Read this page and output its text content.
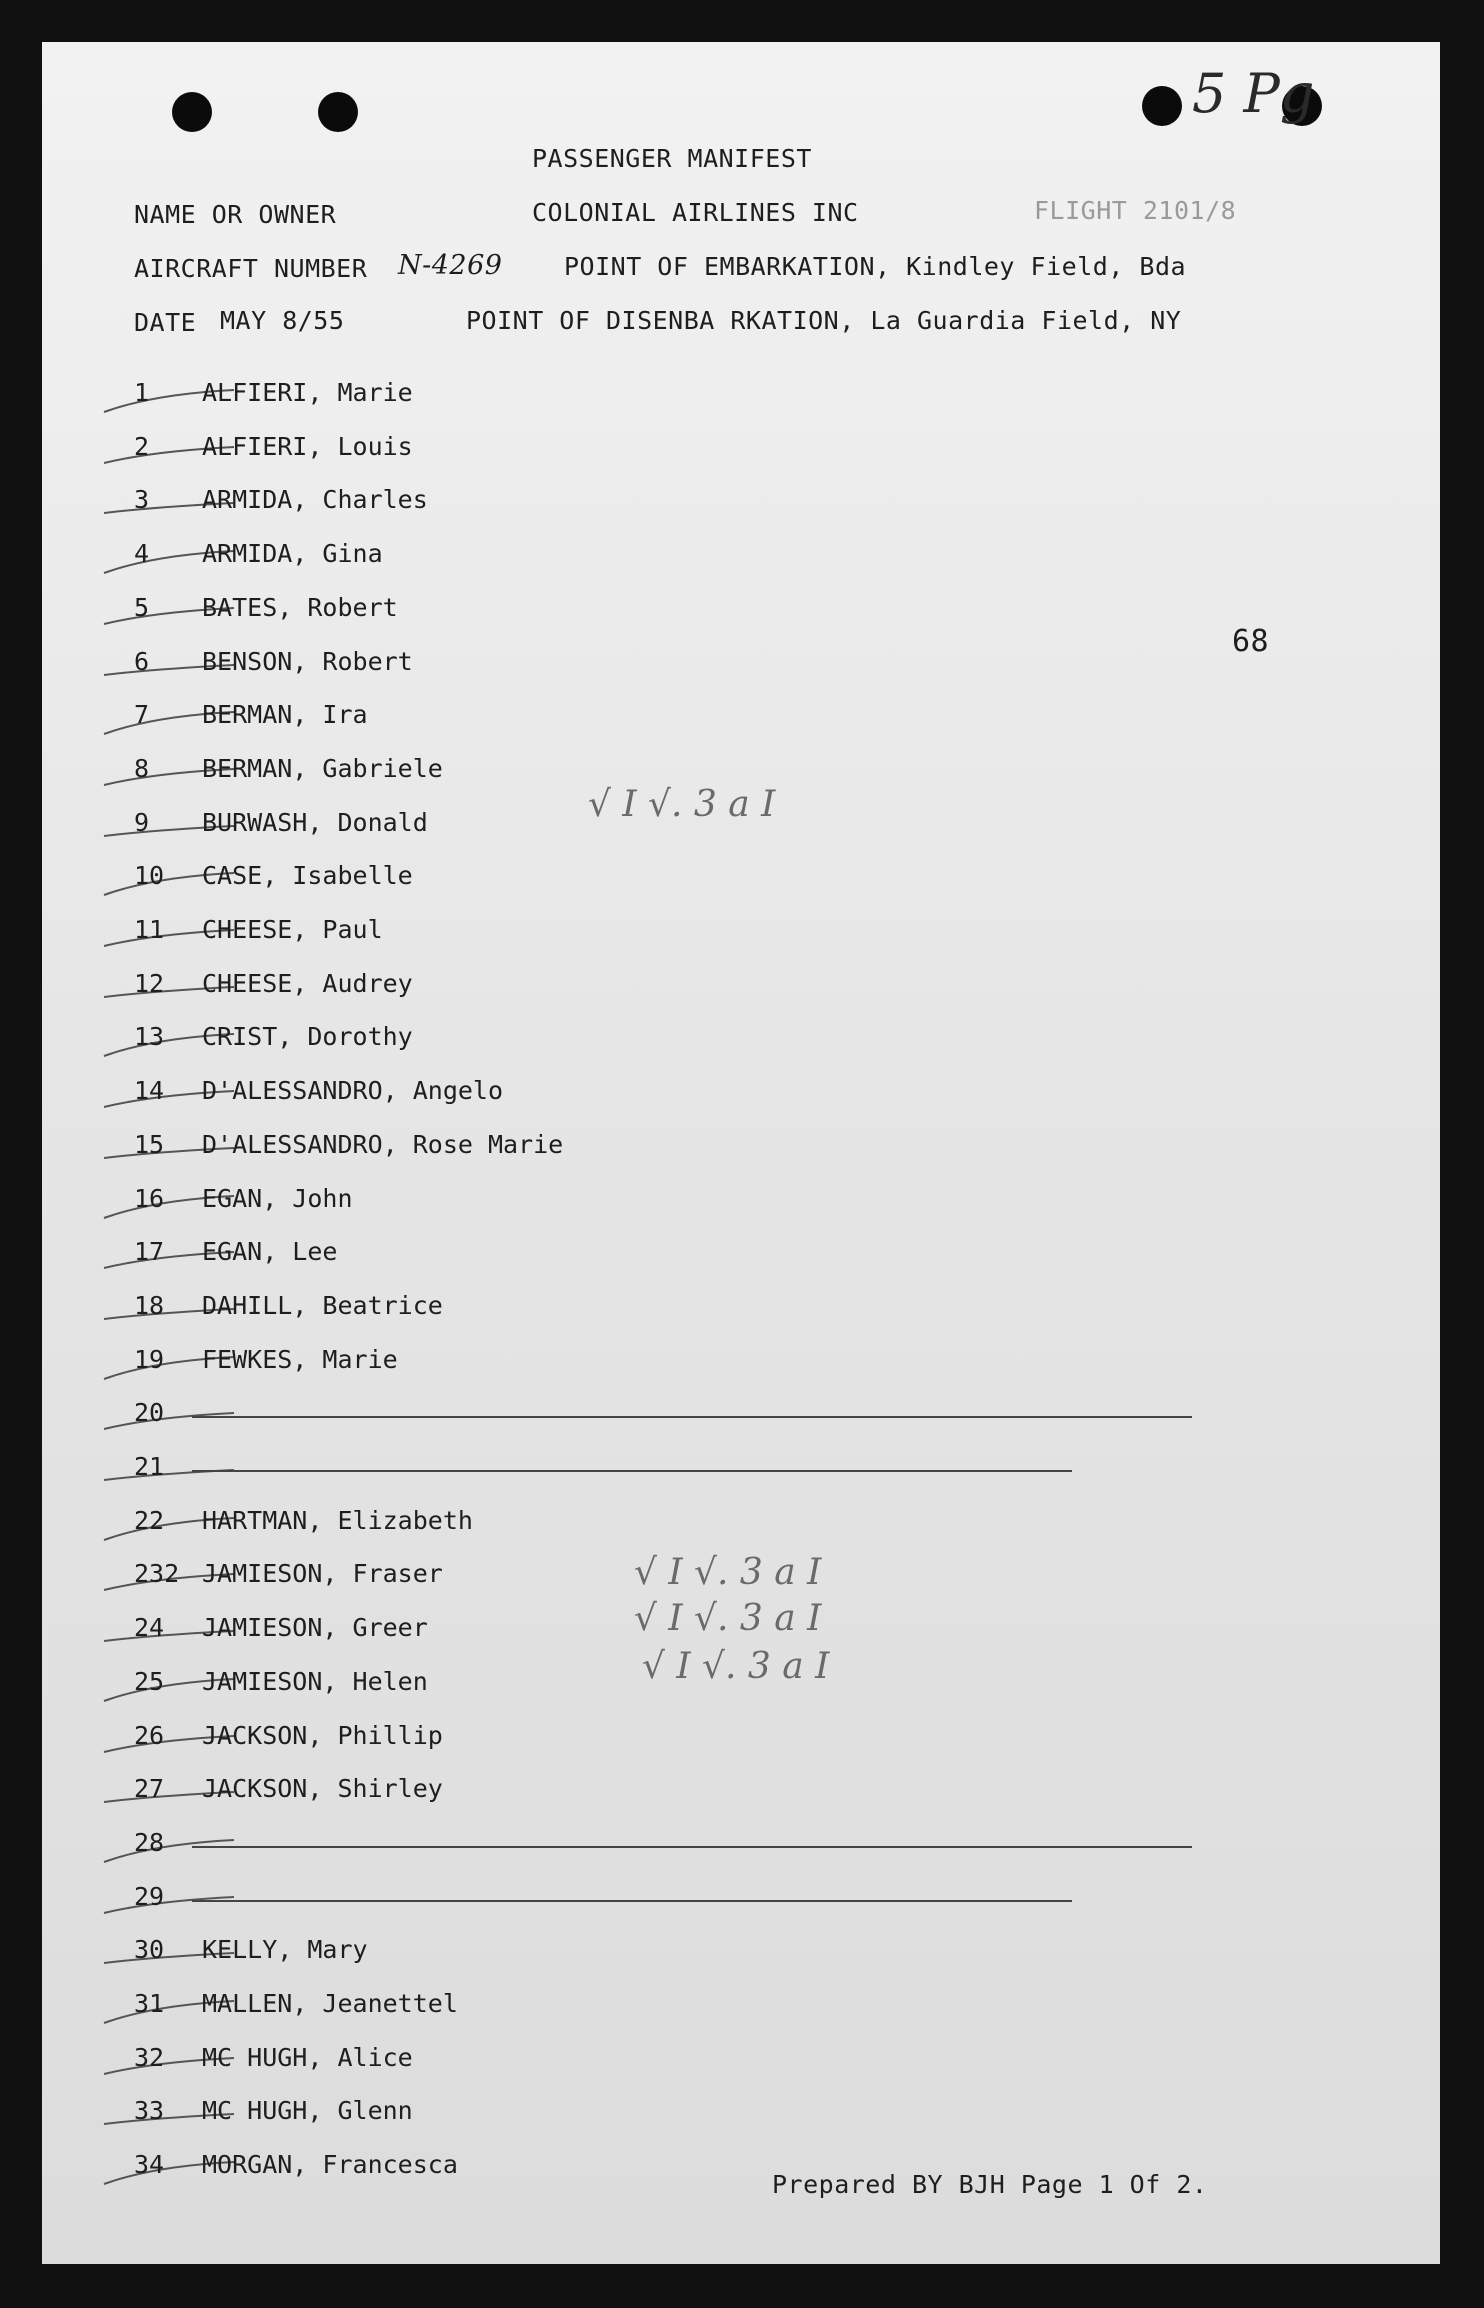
5 Pg
PASSENGER MANIFEST
NAME OR OWNER	COLONIAL AIRLINES INC	FLIGHT 2101/8
AIRCRAFT NUMBER N-4269 POINT OF EMBARKATION, Kindley Field, Bda
DATE MAY 8/55	POINT OF DISENBA RKATION, La Guardia Field, NY
68
√ I √. 3 a I
√ I √. 3 a I
√ I √. 3 a I
√ I √. 3 a I
1	ALFIERI, Marie
2	ALFIERI, Louis
3	ARMIDA, Charles
4	ARMIDA, Gina
5	BATES, Robert
6	BENSON, Robert
7	BERMAN, Ira
8	BERMAN, Gabriele
9	BURWASH, Donald
10	CASE, Isabelle
11	CHEESE, Paul
12	CHEESE, Audrey
13	CRIST, Dorothy
14	D'ALESSANDRO, Angelo
15	D'ALESSANDRO, Rose Marie
16	EGAN, John
17	EGAN, Lee
18	DAHILL, Beatrice
19	FEWKES, Marie
20
21
22	HARTMAN, Elizabeth
232 JAMIESON, Fraser
24	JAMIESON, Greer
25	JAMIESON, Helen
26	JACKSON, Phillip
27	JACKSON, Shirley
28
29
30	KELLY, Mary
31	MALLEN, Jeanettel
32	MC HUGH, Alice
33	MC HUGH, Glenn
34	MORGAN, Francesca
Prepared BY BJH Page 1 Of 2.
